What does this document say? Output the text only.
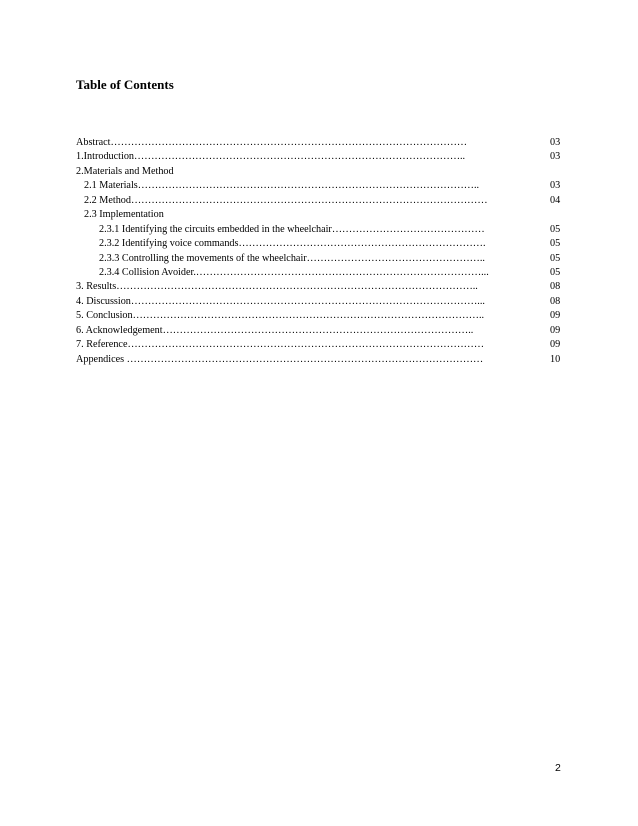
Table of Contents
Abstract……………………………………………………………………………………………	03
1.Introduction……………………………………………………………………………………..	03
2.Materials and Method
2.1 Materials………………………………………………………………………………………..	03
2.2 Method……………………………………………………………………………………………	04
2.3 Implementation
2.3.1 Identifying the circuits embedded in the wheelchair………………………………………	05
2.3.2 Identifying voice commands……………………………………………………………….	05
2.3.3 Controlling the movements of the wheelchair……………………………………………..	05
2.3.4 Collision Avoider.…………………………………………………………………………...	05
3. Results……………………………………………………………………………………………..	08
4. Discussion…………………………………………………………………………………………...	08
5. Conclusion…………………………………………………………………………………………..	09
6. Acknowledgement………………………………………………………………………………..	09
7. Reference……………………………………………………………………………………………	09
Appendices ……………………………………………………………………………………………	10
2
